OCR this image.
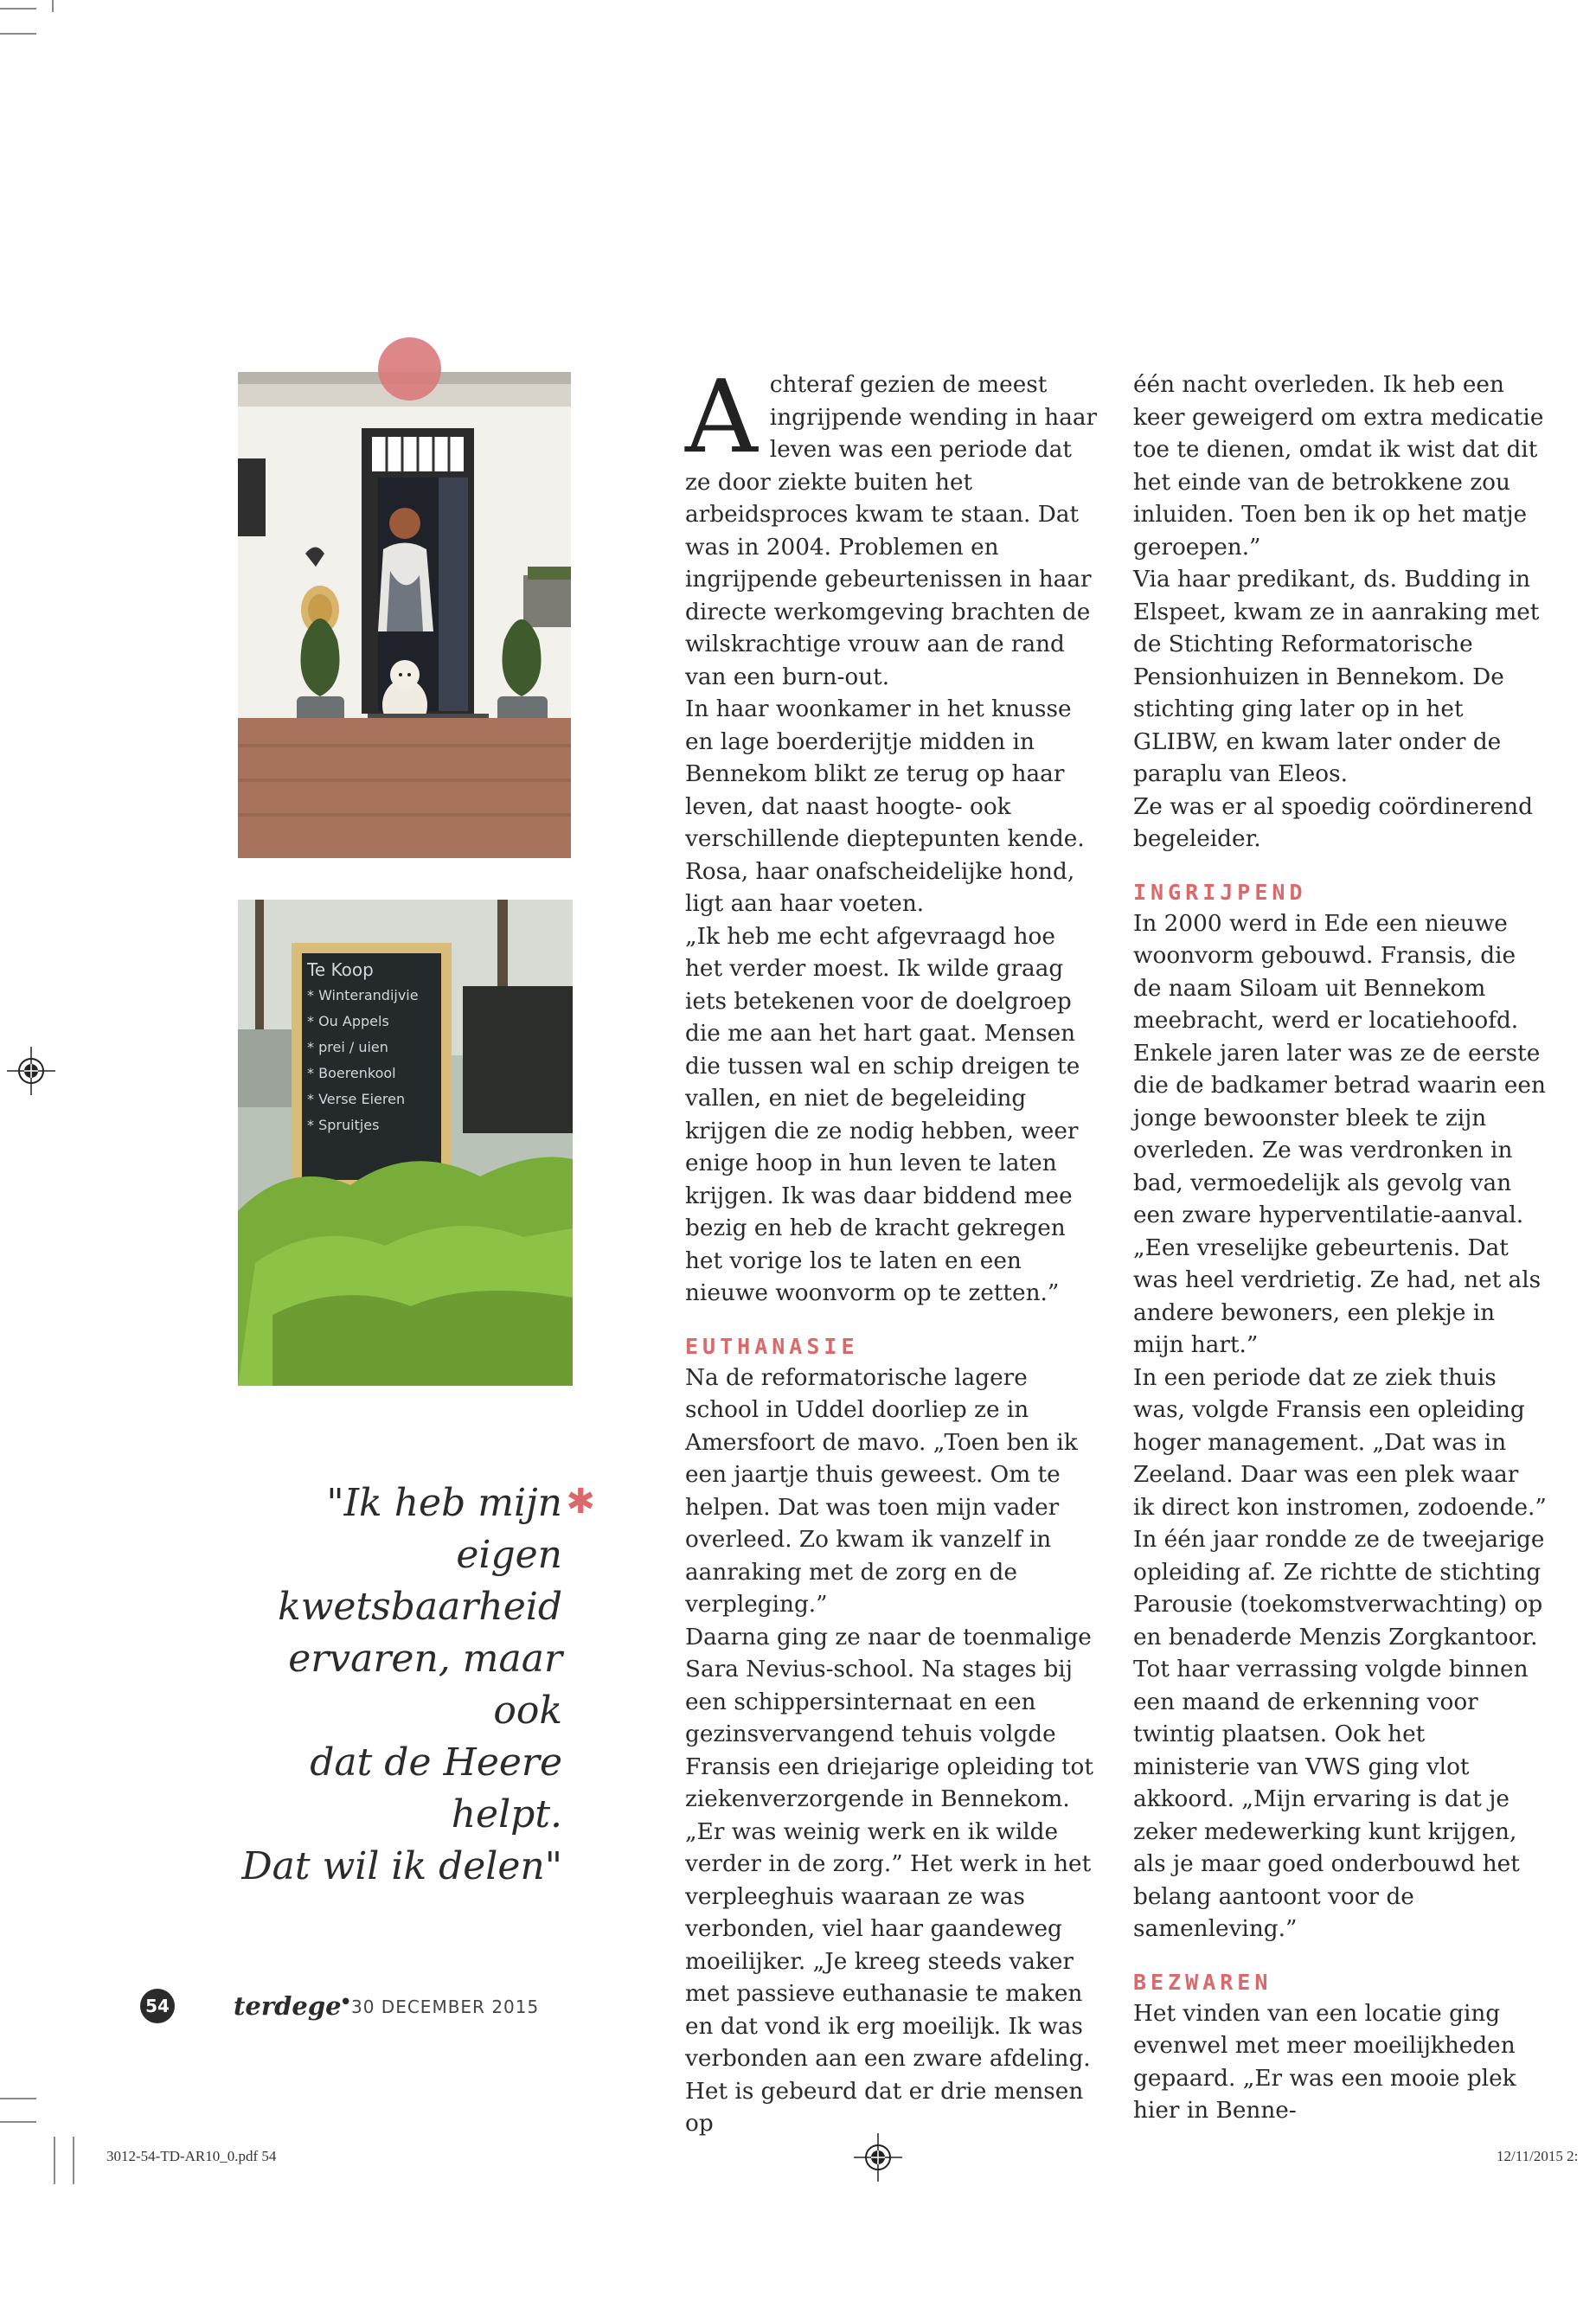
Te Koop
* Winterandijvie
* Ou Appels
* prei / uien
* Boerenkool
* Verse Eieren
* Spruitjes
✱
"Ik heb mijn eigen
kwetsbaarheid
ervaren, maar ook
dat de Heere helpt.
Dat wil ik delen"

Achteraf gezien de meest ingrijpende wending in haar leven was een periode dat ze door ziekte buiten het arbeidsproces kwam te staan. Dat was in 2004. Problemen en ingrijpende gebeurtenissen in haar directe werkomgeving brachten de wilskrachtige vrouw aan de rand van een burn-out.

In haar woonkamer in het knusse en lage boerderijtje midden in Bennekom blikt ze terug op haar leven, dat naast hoogte- ook verschillende dieptepunten kende. Rosa, haar onafscheidelijke hond, ligt aan haar voeten.

„Ik heb me echt afgevraagd hoe het verder moest. Ik wilde graag iets betekenen voor de doelgroep die me aan het hart gaat. Mensen die tussen wal en schip dreigen te vallen, en niet de begeleiding krijgen die ze nodig hebben, weer enige hoop in hun leven te laten krijgen. Ik was daar biddend mee bezig en heb de kracht gekregen het vorige los te laten en een nieuwe woonvorm op te zetten.”

EUTHANASIE

Na de reformatorische lagere school in Uddel doorliep ze in Amersfoort de mavo. „Toen ben ik een jaartje thuis geweest. Om te helpen. Dat was toen mijn vader overleed. Zo kwam ik vanzelf in aanraking met de zorg en de verpleging.”

Daarna ging ze naar de toenmalige Sara Nevius-school. Na stages bij een schippersinternaat en een gezinsvervangend tehuis volgde Fransis een driejarige opleiding tot ziekenverzorgende in Bennekom. „Er was weinig werk en ik wilde verder in de zorg.” Het werk in het verpleeghuis waaraan ze was verbonden, viel haar gaandeweg moeilijker. „Je kreeg steeds vaker met passieve euthanasie te maken en dat vond ik erg moeilijk. Ik was verbonden aan een zware afdeling. Het is gebeurd dat er drie mensen op

één nacht overleden. Ik heb een keer geweigerd om extra medicatie toe te dienen, omdat ik wist dat dit het einde van de betrokkene zou inluiden. Toen ben ik op het matje geroepen.”

Via haar predikant, ds. Budding in Elspeet, kwam ze in aanraking met de Stichting Reformatorische Pensionhuizen in Bennekom. De stichting ging later op in het GLIBW, en kwam later onder de paraplu van Eleos.

Ze was er al spoedig coördinerend begeleider.

INGRIJPEND

In 2000 werd in Ede een nieuwe woonvorm gebouwd. Fransis, die de naam Siloam uit Bennekom meebracht, werd er locatiehoofd. Enkele jaren later was ze de eerste die de badkamer betrad waarin een jonge bewoonster bleek te zijn overleden. Ze was verdronken in bad, vermoedelijk als gevolg van een zware hyperventilatie-aanval. „Een vreselijke gebeurtenis. Dat was heel verdrietig. Ze had, net als andere bewoners, een plekje in mijn hart.”

In een periode dat ze ziek thuis was, volgde Fransis een opleiding hoger management. „Dat was in Zeeland. Daar was een plek waar ik direct kon instromen, zodoende.” In één jaar rondde ze de tweejarige opleiding af. Ze richtte de stichting Parousie (toekomstverwachting) op en benaderde Menzis Zorgkantoor. Tot haar verrassing volgde binnen een maand de erkenning voor twintig plaatsen. Ook het ministerie van VWS ging vlot akkoord. „Mijn ervaring is dat je zeker medewerking kunt krijgen, als je maar goed onderbouwd het belang aantoont voor de samenleving.”

BEZWAREN

Het vinden van een locatie ging evenwel met meer moeilijkheden gepaard. „Er was een mooie plek hier in Benne-

54	terdege
•
30 DECEMBER 2015
3012-54-TD-AR10_0.pdf 54	12/11/2015 2:
